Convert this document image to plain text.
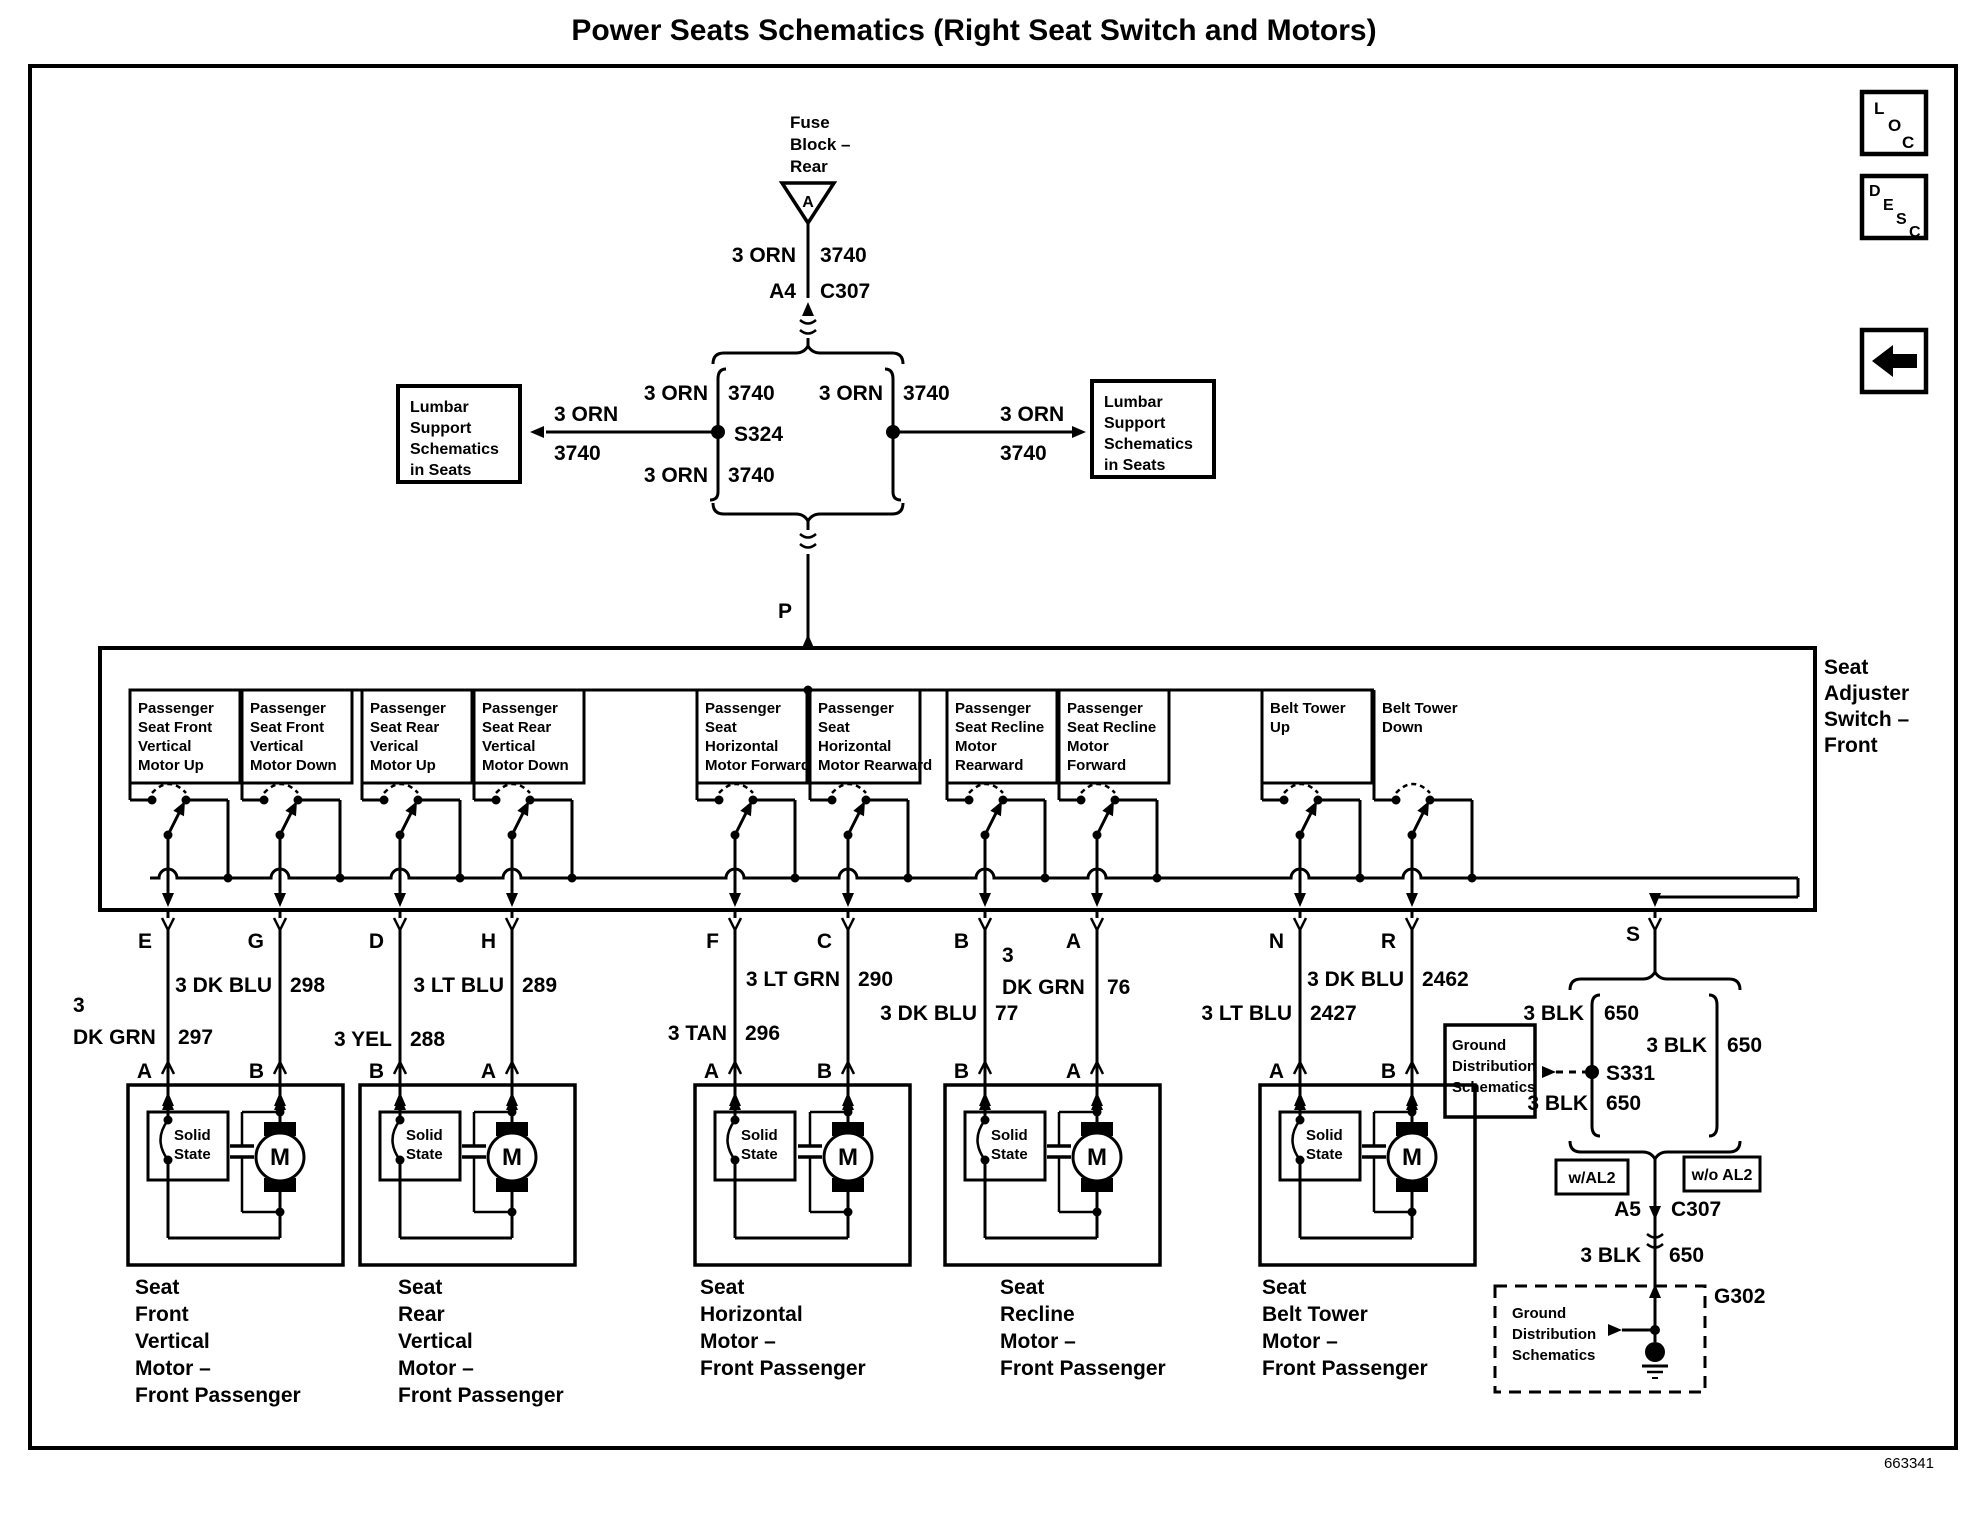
Power Seats Schematics (Right Seat Switch and Motors)
L
O
C
D
E
S
C
Fuse Block – Rear
A
3 ORN 3740
A4 C307
3 ORN 3740
S324
3 ORN
3740
3 ORN 3740
3 ORN 3740
3 ORN
3740
Lumbar Support Schematics in Seats
Lumbar Support Schematics in Seats
P
Seat Adjuster Switch – Front
Passenger Seat Front Vertical Motor Up
Passenger Seat Front Vertical Motor Down
Passenger Seat Rear Verical Motor Up
Passenger Seat Rear Vertical Motor Down
Passenger Seat Horizontal Motor Forward
Passenger Seat Horizontal Motor Rearward
Passenger Seat Recline Motor Rearward
Passenger Seat Recline Motor Forward
Belt Tower Up
Belt Tower Down
E
3 DK GRN 297
A
G
3 DK BLU 298
B
D
3 YEL 288
B
H
3 LT BLU 289
A
F
3 TAN 296
A
C
3 LT GRN 290
B
B
3 DK BLU 77
B
A
3 DK GRN 76
A
N
3 LT BLU 2427
A
R
3 DK BLU 2462
B
Solid State M
Seat Front Vertical Motor – Front Passenger
Solid State M
Seat Rear Vertical Motor – Front Passenger
Solid State	M
Seat Horizontal Motor – Front Passenger
Solid State M
Seat Recline Motor – Front Passenger
Solid State M
Seat Belt Tower Motor – Front Passenger
S
3 BLK 650
S331
3 BLK 650
3 BLK 650
Ground Distribution Schematics
w/AL2	w/o AL2
A5 C307
3 BLK 650
G302
Ground Distribution Schematics
663341
